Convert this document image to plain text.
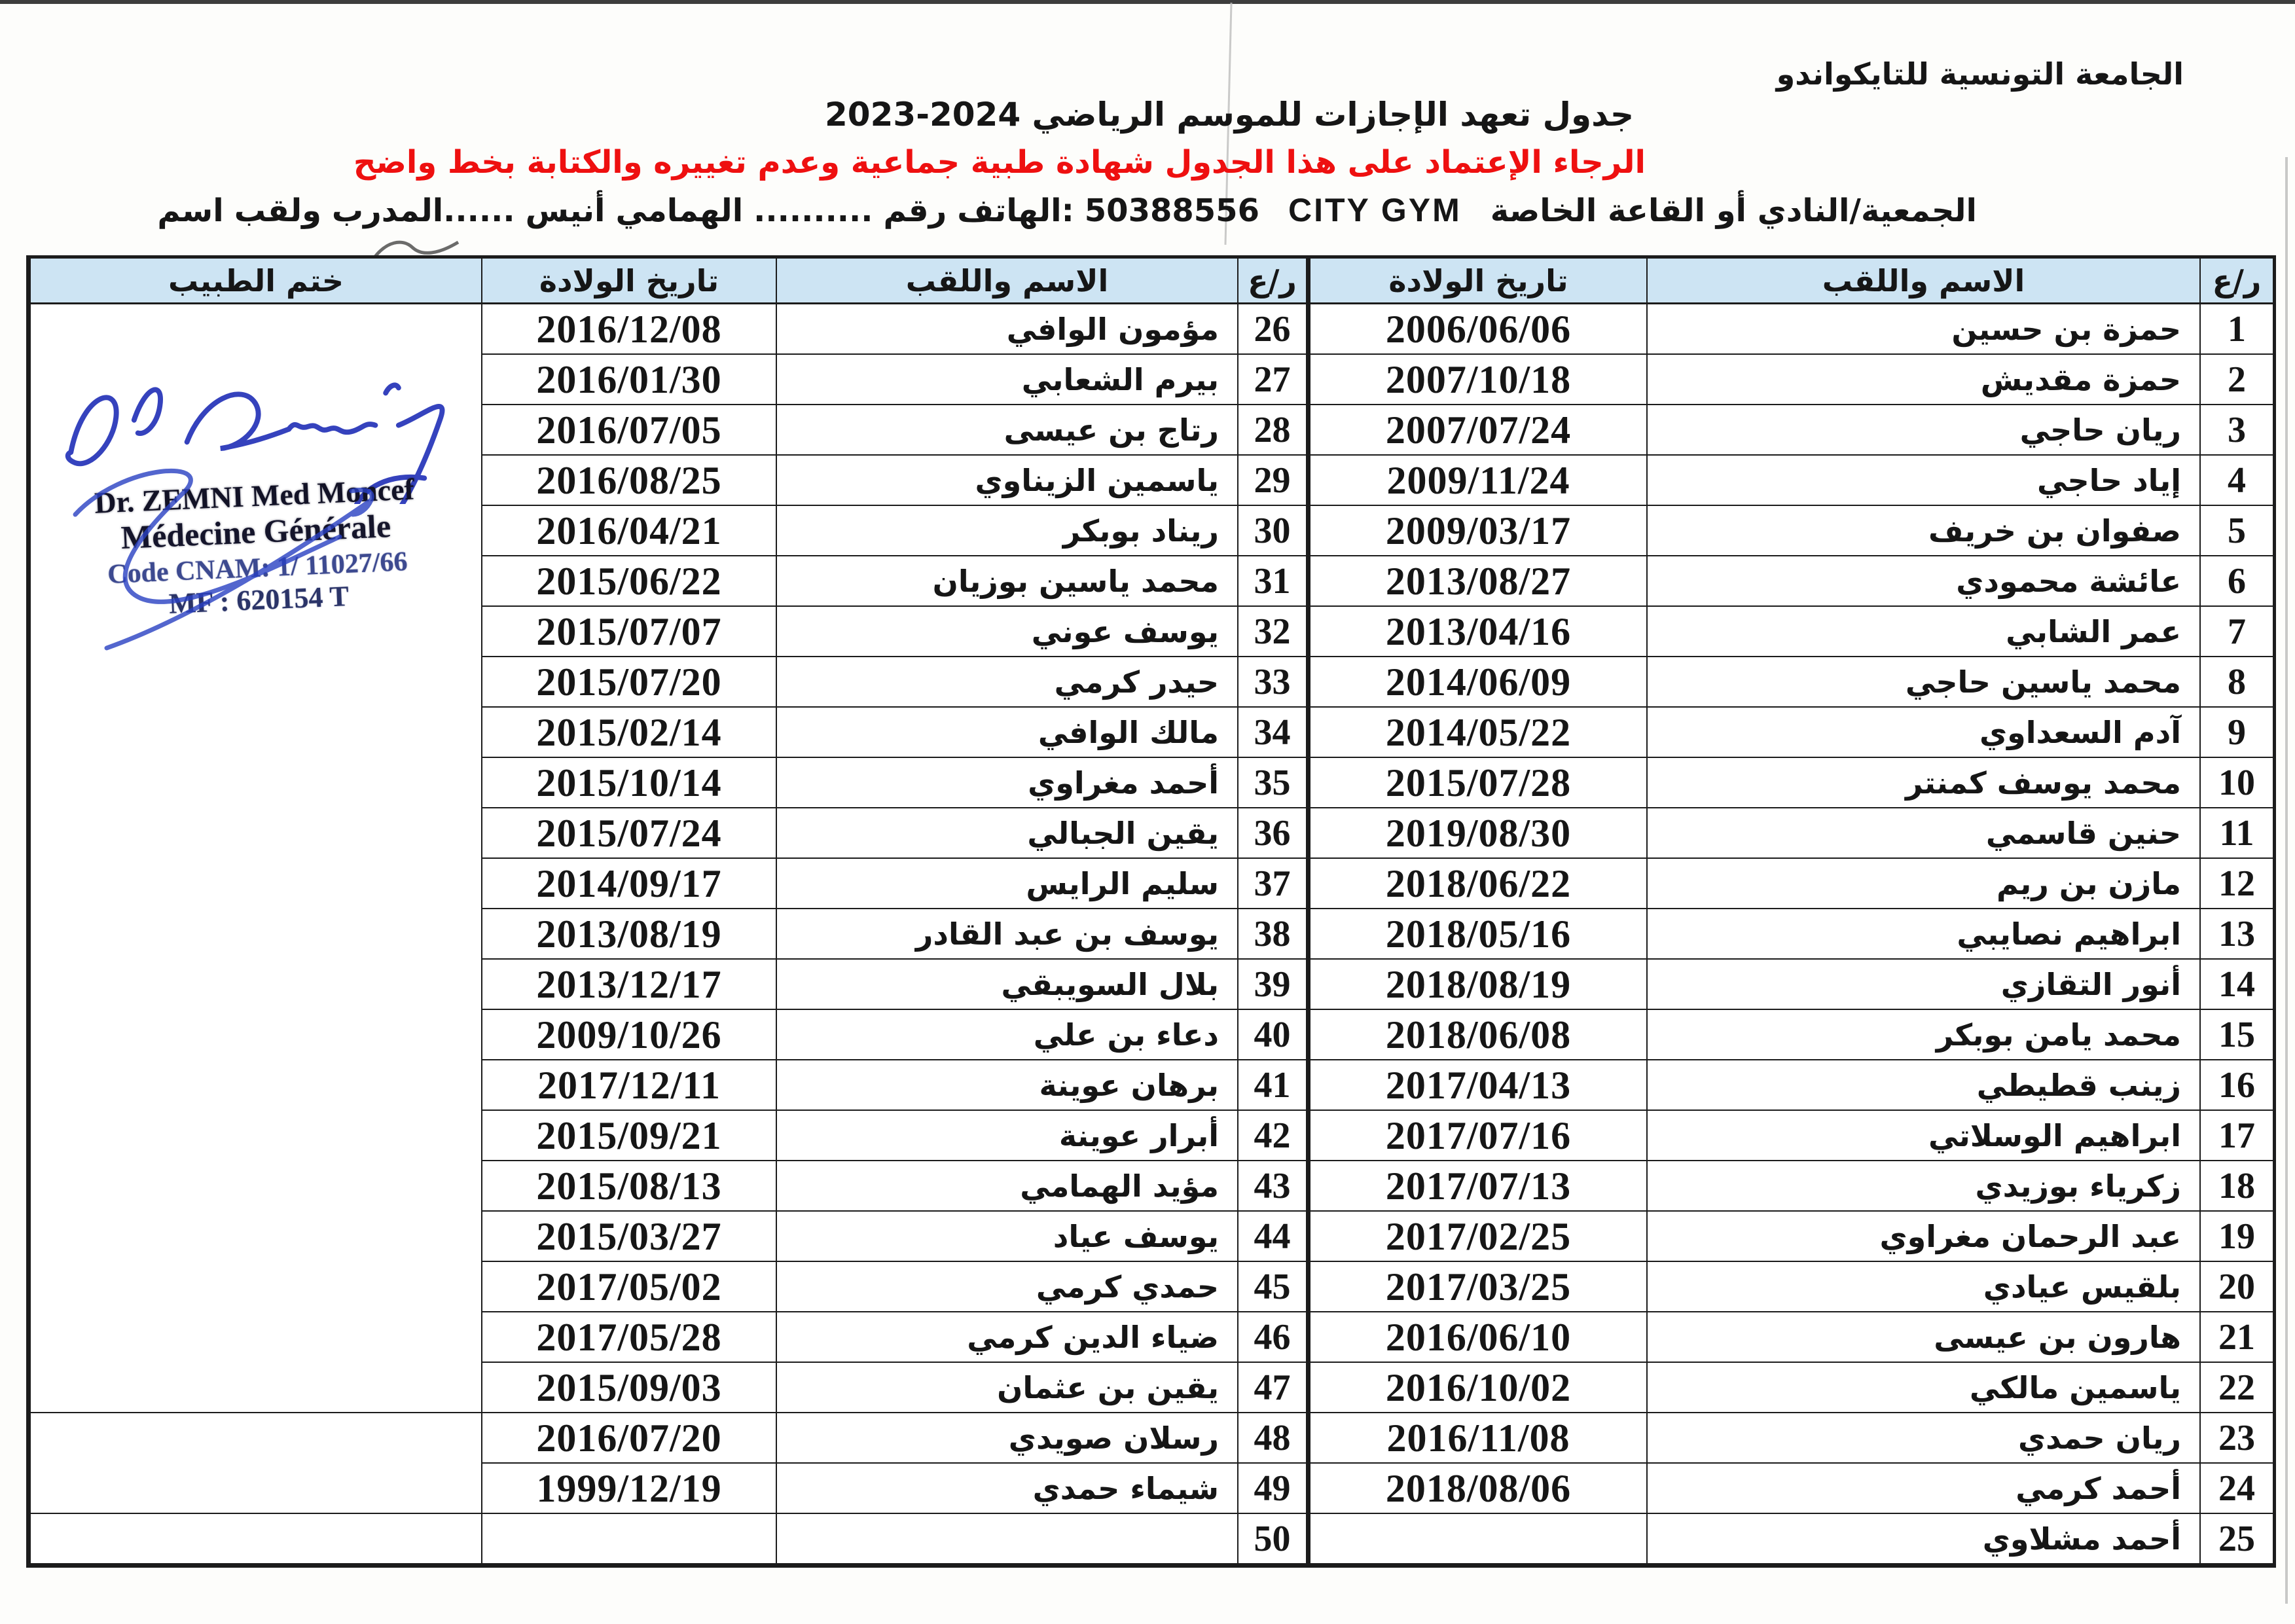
الجامعة التونسية للتايكواندو
جدول تعهد الإجازات للموسم الرياضي 2024-2023
الرجاء الإعتماد على هذا الجدول شهادة طبية جماعية وعدم تغييره والكتابة بخط واضح
الجمعية/النادي أو القاعة الخاصة
CITY GYM
اسم ولقب المدرب...... أنيس الهمامي .......... رقم الهاتف: 50388556
ر/ع
الاسم واللقب
تاريخ الولادة
ختم الطبيب
Dr. ZEMNI Med Moncef
Médecine Générale
Code CNAM: 1/ 11027/66
MF : 620154 T
26
مؤمون الوافي
2016/12/08
27
بيرم الشعابي
2016/01/30
28
رتاج بن عيسى
2016/07/05
29
ياسمين الزيناوي
2016/08/25
30
ريناد بوبكر
2016/04/21
31
محمد ياسين بوزيان
2015/06/22
32
يوسف عوني
2015/07/07
33
حيدر كرمي
2015/07/20
34
مالك الوافي
2015/02/14
35
أحمد مغراوي
2015/10/14
36
يقين الجبالي
2015/07/24
37
سليم الرايس
2014/09/17
38
يوسف بن عبد القادر
2013/08/19
39
بلال السويبقي
2013/12/17
40
دعاء بن علي
2009/10/26
41
برهان عوينة
2017/12/11
42
أبرار عوينة
2015/09/21
43
مؤيد الهمامي
2015/08/13
44
يوسف عياد
2015/03/27
45
حمدي كرمي
2017/05/02
46
ضياء الدين كرمي
2017/05/28
47
يقين بن عثمان
2015/09/03
48
رسلان صويدي
2016/07/20
49
شيماء حمدي
1999/12/19
50
ر/ع
الاسم واللقب
تاريخ الولادة
1
حمزة بن حسين
2006/06/06
2
حمزة مقديش
2007/10/18
3
ريان حاجي
2007/07/24
4
إياد حاجي
2009/11/24
5
صفوان بن خريف
2009/03/17
6
عائشة محمودي
2013/08/27
7
عمر الشابي
2013/04/16
8
محمد ياسين حاجي
2014/06/09
9
آدم السعداوي
2014/05/22
10
محمد يوسف كمنتر
2015/07/28
11
حنين قاسمي
2019/08/30
12
مازن بن ريم
2018/06/22
13
ابراهيم نصايبي
2018/05/16
14
أنور التقازي
2018/08/19
15
محمد يامن بوبكر
2018/06/08
16
زينب قطيطي
2017/04/13
17
ابراهيم الوسلاتي
2017/07/16
18
زكرياء بوزيدي
2017/07/13
19
عبد الرحمان مغراوي
2017/02/25
20
بلقيس عيادي
2017/03/25
21
هارون بن عيسى
2016/06/10
22
ياسمين مالكي
2016/10/02
23
ريان حمدي
2016/11/08
24
أحمد كرمي
2018/08/06
25
أحمد مشلاوي
